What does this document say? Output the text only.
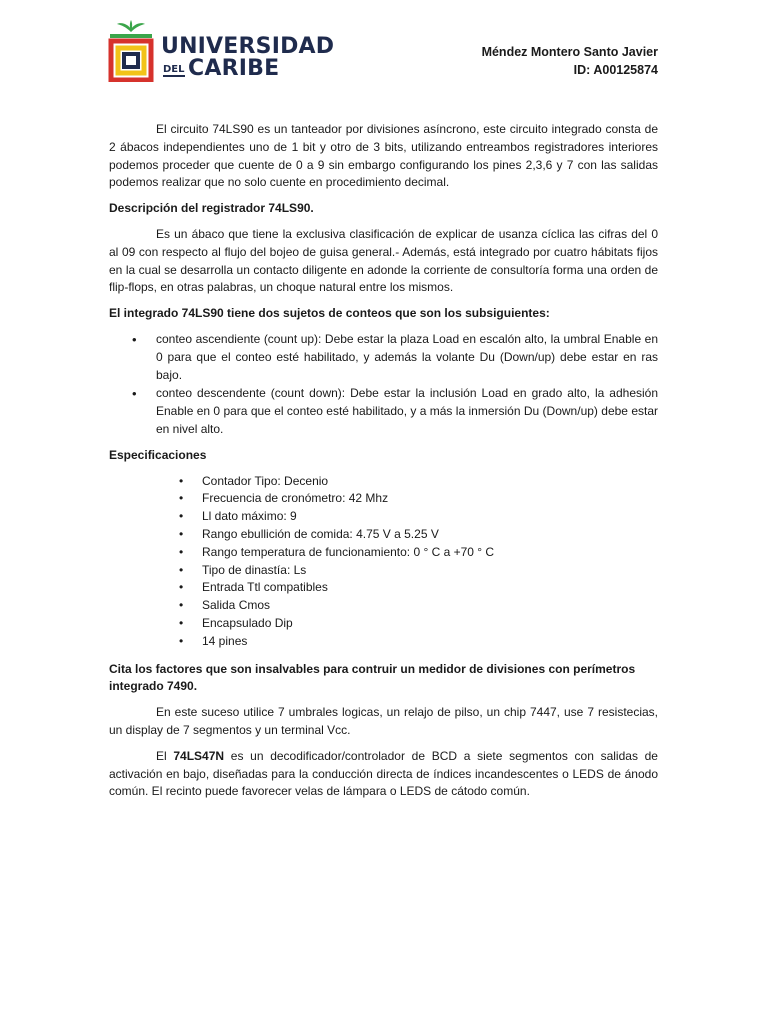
UNIVERSIDAD
DEL CARIBE
Méndez Montero Santo Javier
ID: A00125874

El circuito 74LS90 es un tanteador por divisiones asíncrono, este circuito integrado consta de 2 ábacos independientes uno de 1 bit y otro de 3 bits, utilizando entreambos registradores interiores podemos proceder que cuente de 0 a 9 sin embargo configurando los pines 2,3,6 y 7 con las salidas podemos realizar que no solo cuente en procedimiento decimal.

Descripción del registrador 74LS90.

Es un ábaco que tiene la exclusiva clasificación de explicar de usanza cíclica las cifras del 0 al 09 con respecto al flujo del bojeo de guisa general.- Además, está integrado por cuatro hábitats fijos en la cual se desarrolla un contacto diligente en adonde la corriente de consultoría forma una orden de flip-flops, en otras palabras, un choque natural entre los mismos.

El integrado 74LS90 tiene dos sujetos de conteos que son los subsiguientes:

• conteo ascendiente (count up): Debe estar la plaza Load en escalón alto, la umbral Enable en 0 para que el conteo esté habilitado, y además la volante Du (Down/up) debe estar en ras bajo.
• conteo descendente (count down): Debe estar la inclusión Load en grado alto, la adhesión Enable en 0 para que el conteo esté habilitado, y a más la inmersión Du (Down/up) debe estar en nivel alto.

Especificaciones

• Contador Tipo: Decenio
• Frecuencia de cronómetro: 42 Mhz
• Ll dato máximo: 9
• Rango ebullición de comida: 4.75 V a 5.25 V
• Rango temperatura de funcionamiento: 0 ° C a +70 ° C
• Tipo de dinastía: Ls
• Entrada Ttl compatibles
• Salida Cmos
• Encapsulado Dip
• 14 pines

Cita los factores que son insalvables para contruir un medidor de divisiones con perímetros integrado 7490.

En este suceso utilice 7 umbrales logicas, un relajo de pilso, un chip 7447, use 7 resistecias, un display de 7 segmentos y un terminal Vcc.

El 74LS47N es un decodificador/controlador de BCD a siete segmentos con salidas de activación en bajo, diseñadas para la conducción directa de índices incandescentes o LEDS de ánodo común. El recinto puede favorecer velas de lámpara o LEDS de cátodo común.
